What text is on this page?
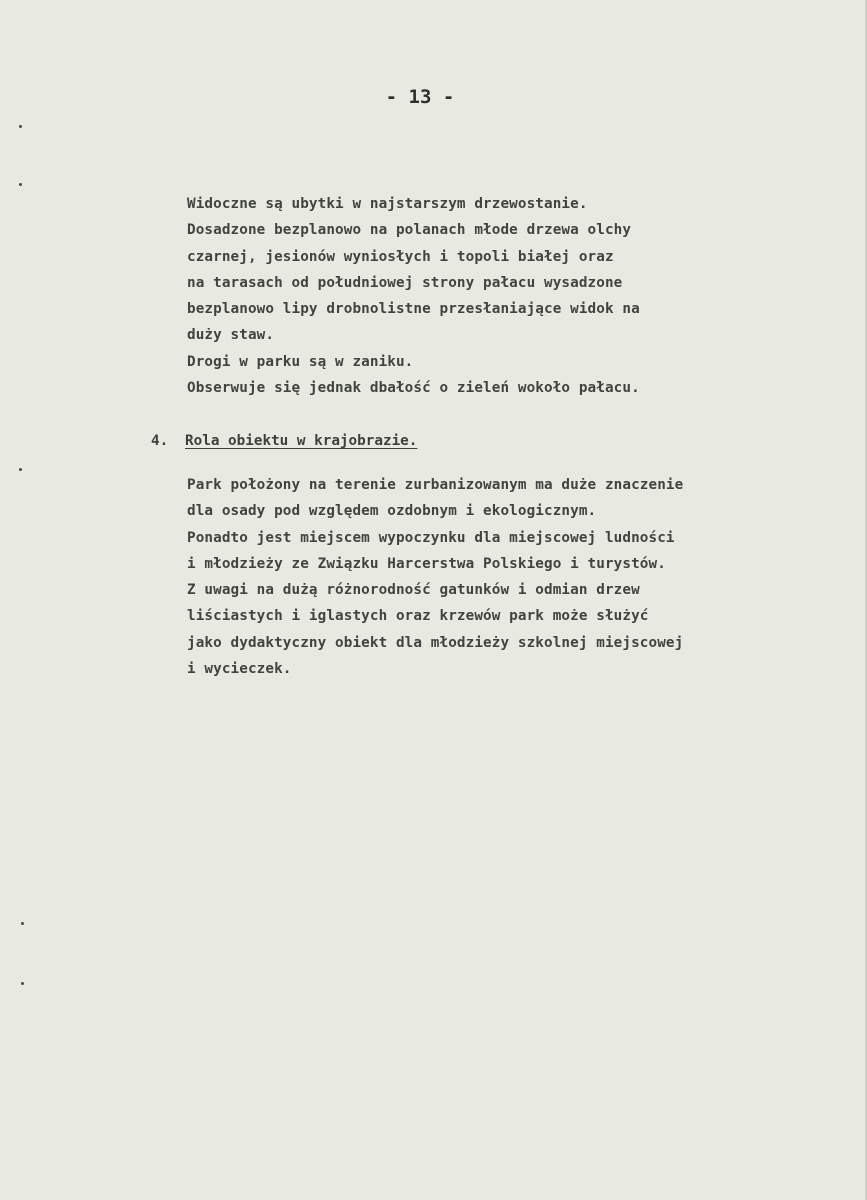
- 13 -

Widoczne są ubytki w najstarszym drzewostanie.

Dosadzone bezplanowo na polanach młode drzewa olchy

czarnej, jesionów wyniosłych i topoli białej oraz

na tarasach od południowej strony pałacu wysadzone

bezplanowo lipy drobnolistne przesłaniające widok na

duży staw.

Drogi w parku są w zaniku.

Obserwuje się jednak dbałość o zieleń wokoło pałacu.

4. Rola obiektu w krajobrazie.

Park położony na terenie zurbanizowanym ma duże znaczenie

dla osady pod względem ozdobnym i ekologicznym.

Ponadto jest miejscem wypoczynku dla miejscowej ludności

i młodzieży ze Związku Harcerstwa Polskiego i turystów.

Z uwagi na dużą różnorodność gatunków i odmian drzew

liściastych i iglastych oraz krzewów park może służyć

jako dydaktyczny obiekt dla młodzieży szkolnej miejscowej

i wycieczek.
